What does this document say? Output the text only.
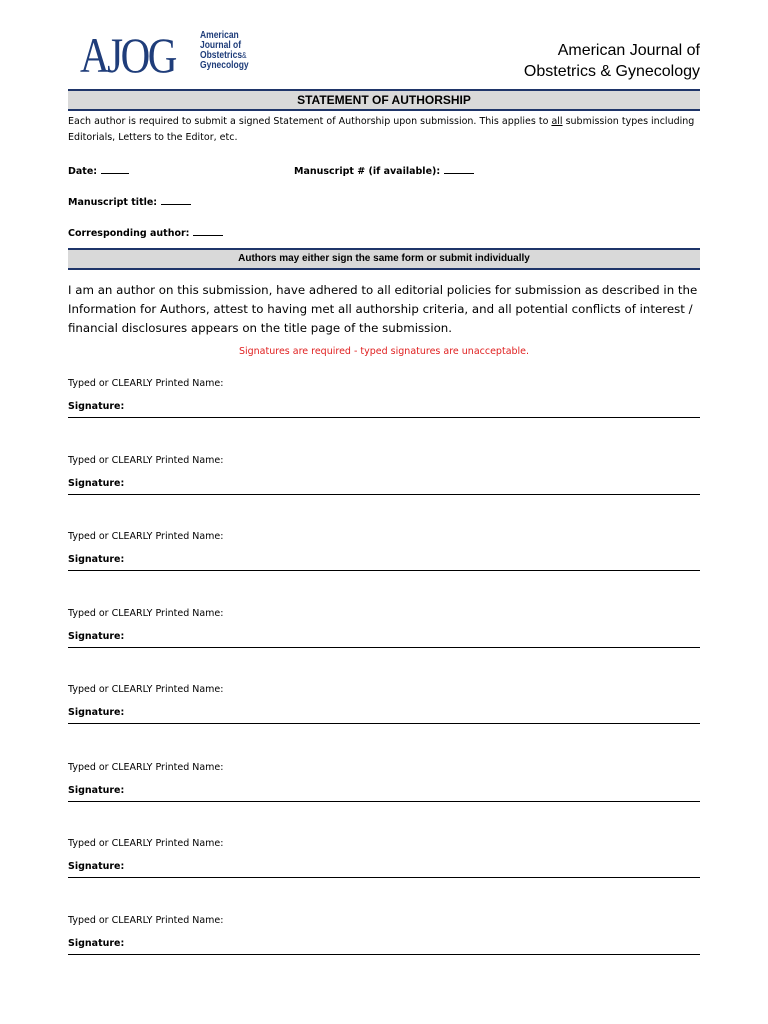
AJOG	American
Journal of
Obstetrics&
Gynecology
American Journal of
Obstetrics & Gynecology
STATEMENT OF AUTHORSHIP
Each author is required to submit a signed Statement of Authorship upon submission. This applies to all submission types including Editorials, Letters to the Editor, etc.
Date:	Manuscript # (if available):
Manuscript title:
Corresponding author:
Authors may either sign the same form or submit individually
I am an author on this submission, have adhered to all editorial policies for submission as described in the Information for Authors, attest to having met all authorship criteria, and all potential conflicts of interest / financial disclosures appears on the title page of the submission.
Signatures are required - typed signatures are unacceptable.
Typed or CLEARLY Printed Name:
Signature:
Typed or CLEARLY Printed Name:
Signature:
Typed or CLEARLY Printed Name:
Signature:
Typed or CLEARLY Printed Name:
Signature:
Typed or CLEARLY Printed Name:
Signature:
Typed or CLEARLY Printed Name:
Signature:
Typed or CLEARLY Printed Name:
Signature:
Typed or CLEARLY Printed Name:
Signature:
